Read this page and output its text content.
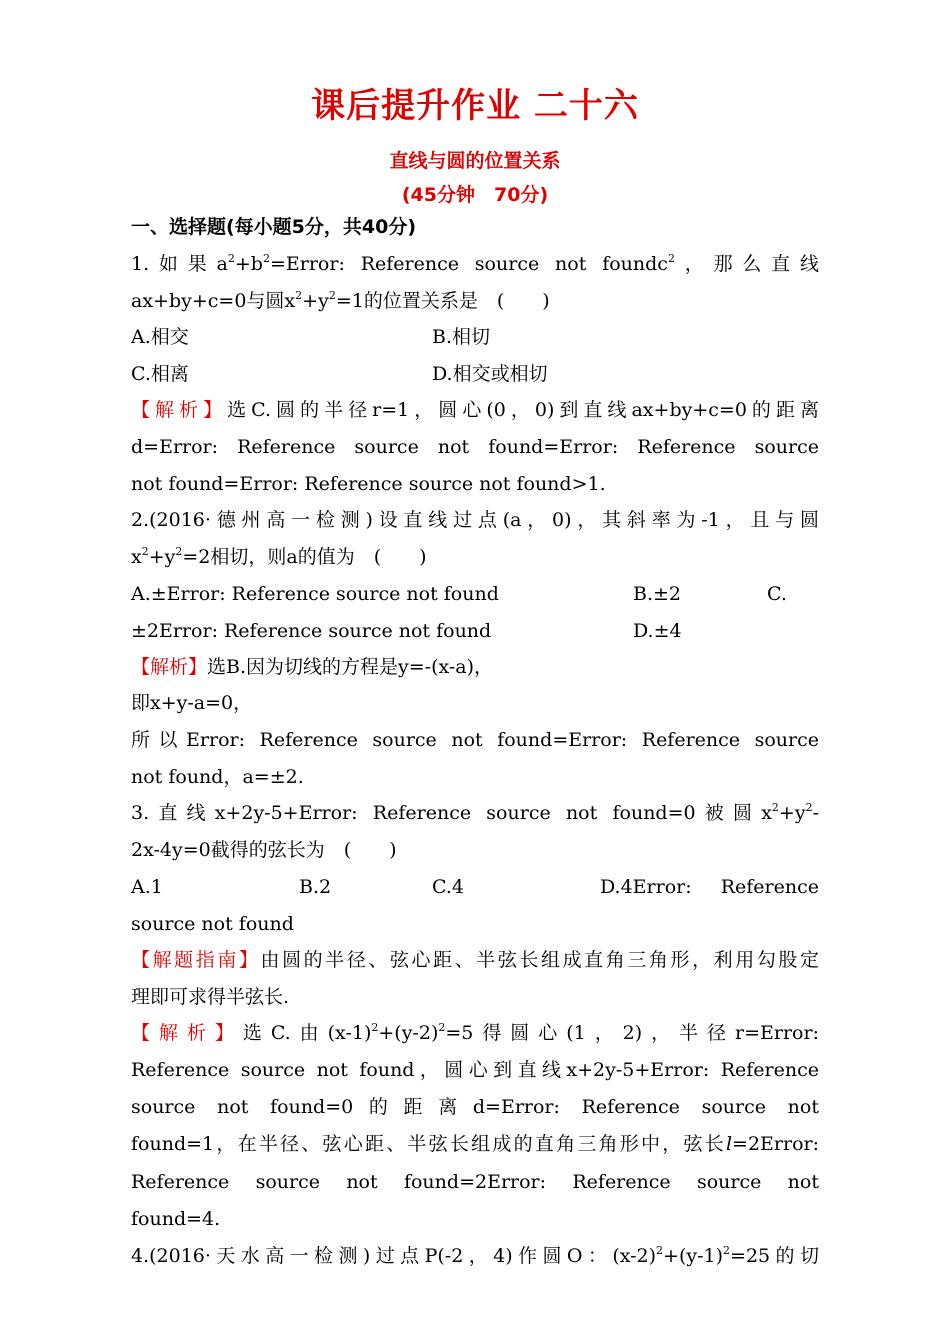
课后提升作业 二十六
直线与圆的位置关系
(45分钟　70分)
一、选择题(每小题5分，共40分)
1.如果$a^2+b^2=Error$: Reference source not foundc$^2$，那么直线
ax+by+c=0与圆$x^2+y^2=1$的位置关系是　(　　)
A.相交	B.相切
C.相离	D.相交或相切
【解析】选C.圆的半径r=1，圆心(0，0)到直线ax+by+c=0的距离
d=Error: Reference source not found=Error: Reference source
not found=Error: Reference source not found>1.
2.(2016·德州高一检测)设直线过点(a，0)，其斜率为-1，且与圆
$x^2+y^2=2$相切，则a的值为　(　　)
A.±Error: Reference source not found	B.±2	C.
±2Error: Reference source not found	D.±4
【解析】选B.因为切线的方程是y=-(x-a)，
即x+y-a=0，
所以Error: Reference source not found=Error: Reference source
not found，a=±2.
3.直线x+2y-5+Error: Reference source not found=0被圆$x^2+y^2-$
2x-4y=0截得的弦长为　(　　)
A.1	B.2	C.4	D.4Error: Reference
source not found
【解题指南】由圆的半径、弦心距、半弦长组成直角三角形，利用勾股定
理即可求得半弦长.
【解析】选C.由$(x-1)^2+(y-2)^2=5$得圆心(1，2)，半径r=Error:
Reference source not found，圆心到直线x+2y-5+Error: Reference
source not found=0的距离d=Error: Reference source not
found=1，在半径、弦心距、半弦长组成的直角三角形中，弦长l=2Error:
Reference source not found=2Error: Reference source not
found=4.
4.(2016·天水高一检测)过点P(-2，4)作圆O：$(x-2)^2+(y-1)^2=25$的切
